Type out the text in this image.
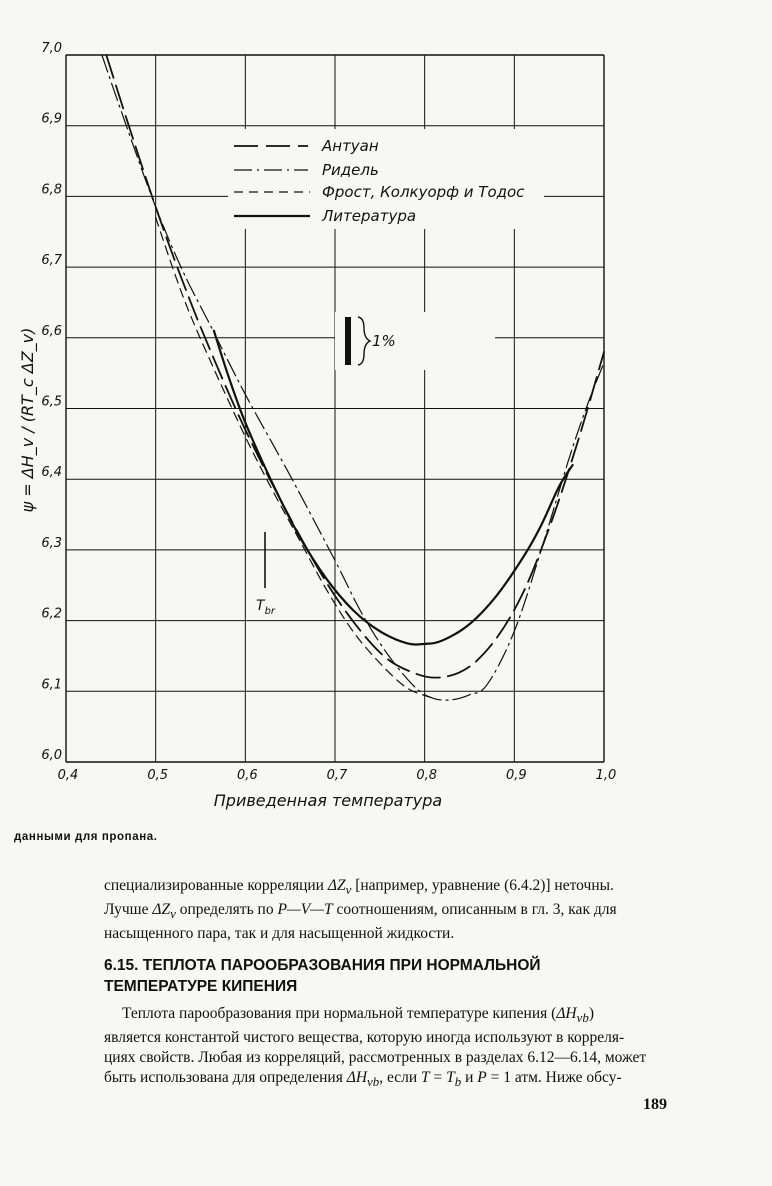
0,4	0,5	0,6	0,7	0,8	0,9	1,0
6,0
6,1
6,2
6,3
6,4
6,5
6,6
6,7
6,8
6,9
7,0
Антуан
Ридель
Фрост, Колкуорф и Тодос
Литература
1%
$T_{br}$
Приведенная температура
ψ = ΔH_v / (RT_c ΔZ_v)
данными для пропана.

специализированные корреляции $\Delta Z_v$ [например, уравнение (6.4.2)] неточны.
Лучше $\Delta Z_v$ определять по P—V—T соотношениям, описанным в гл. 3, как для
насыщенного пара, так и для насыщенной жидкости.

6.15. ТЕПЛОТА ПАРООБРАЗОВАНИЯ ПРИ НОРМАЛЬНОЙ
ТЕМПЕРАТУРЕ КИПЕНИЯ

Теплота парообразования при нормальной температуре кипения $(\Delta H_{vb})$
является константой чистого вещества, которую иногда используют в корреля-
циях свойств. Любая из корреляций, рассмотренных в разделах 6.12—6.14, может
быть использована для определения $\Delta H_{vb}$, если $T = T_b$ и P = 1 атм. Ниже обсу-

189
